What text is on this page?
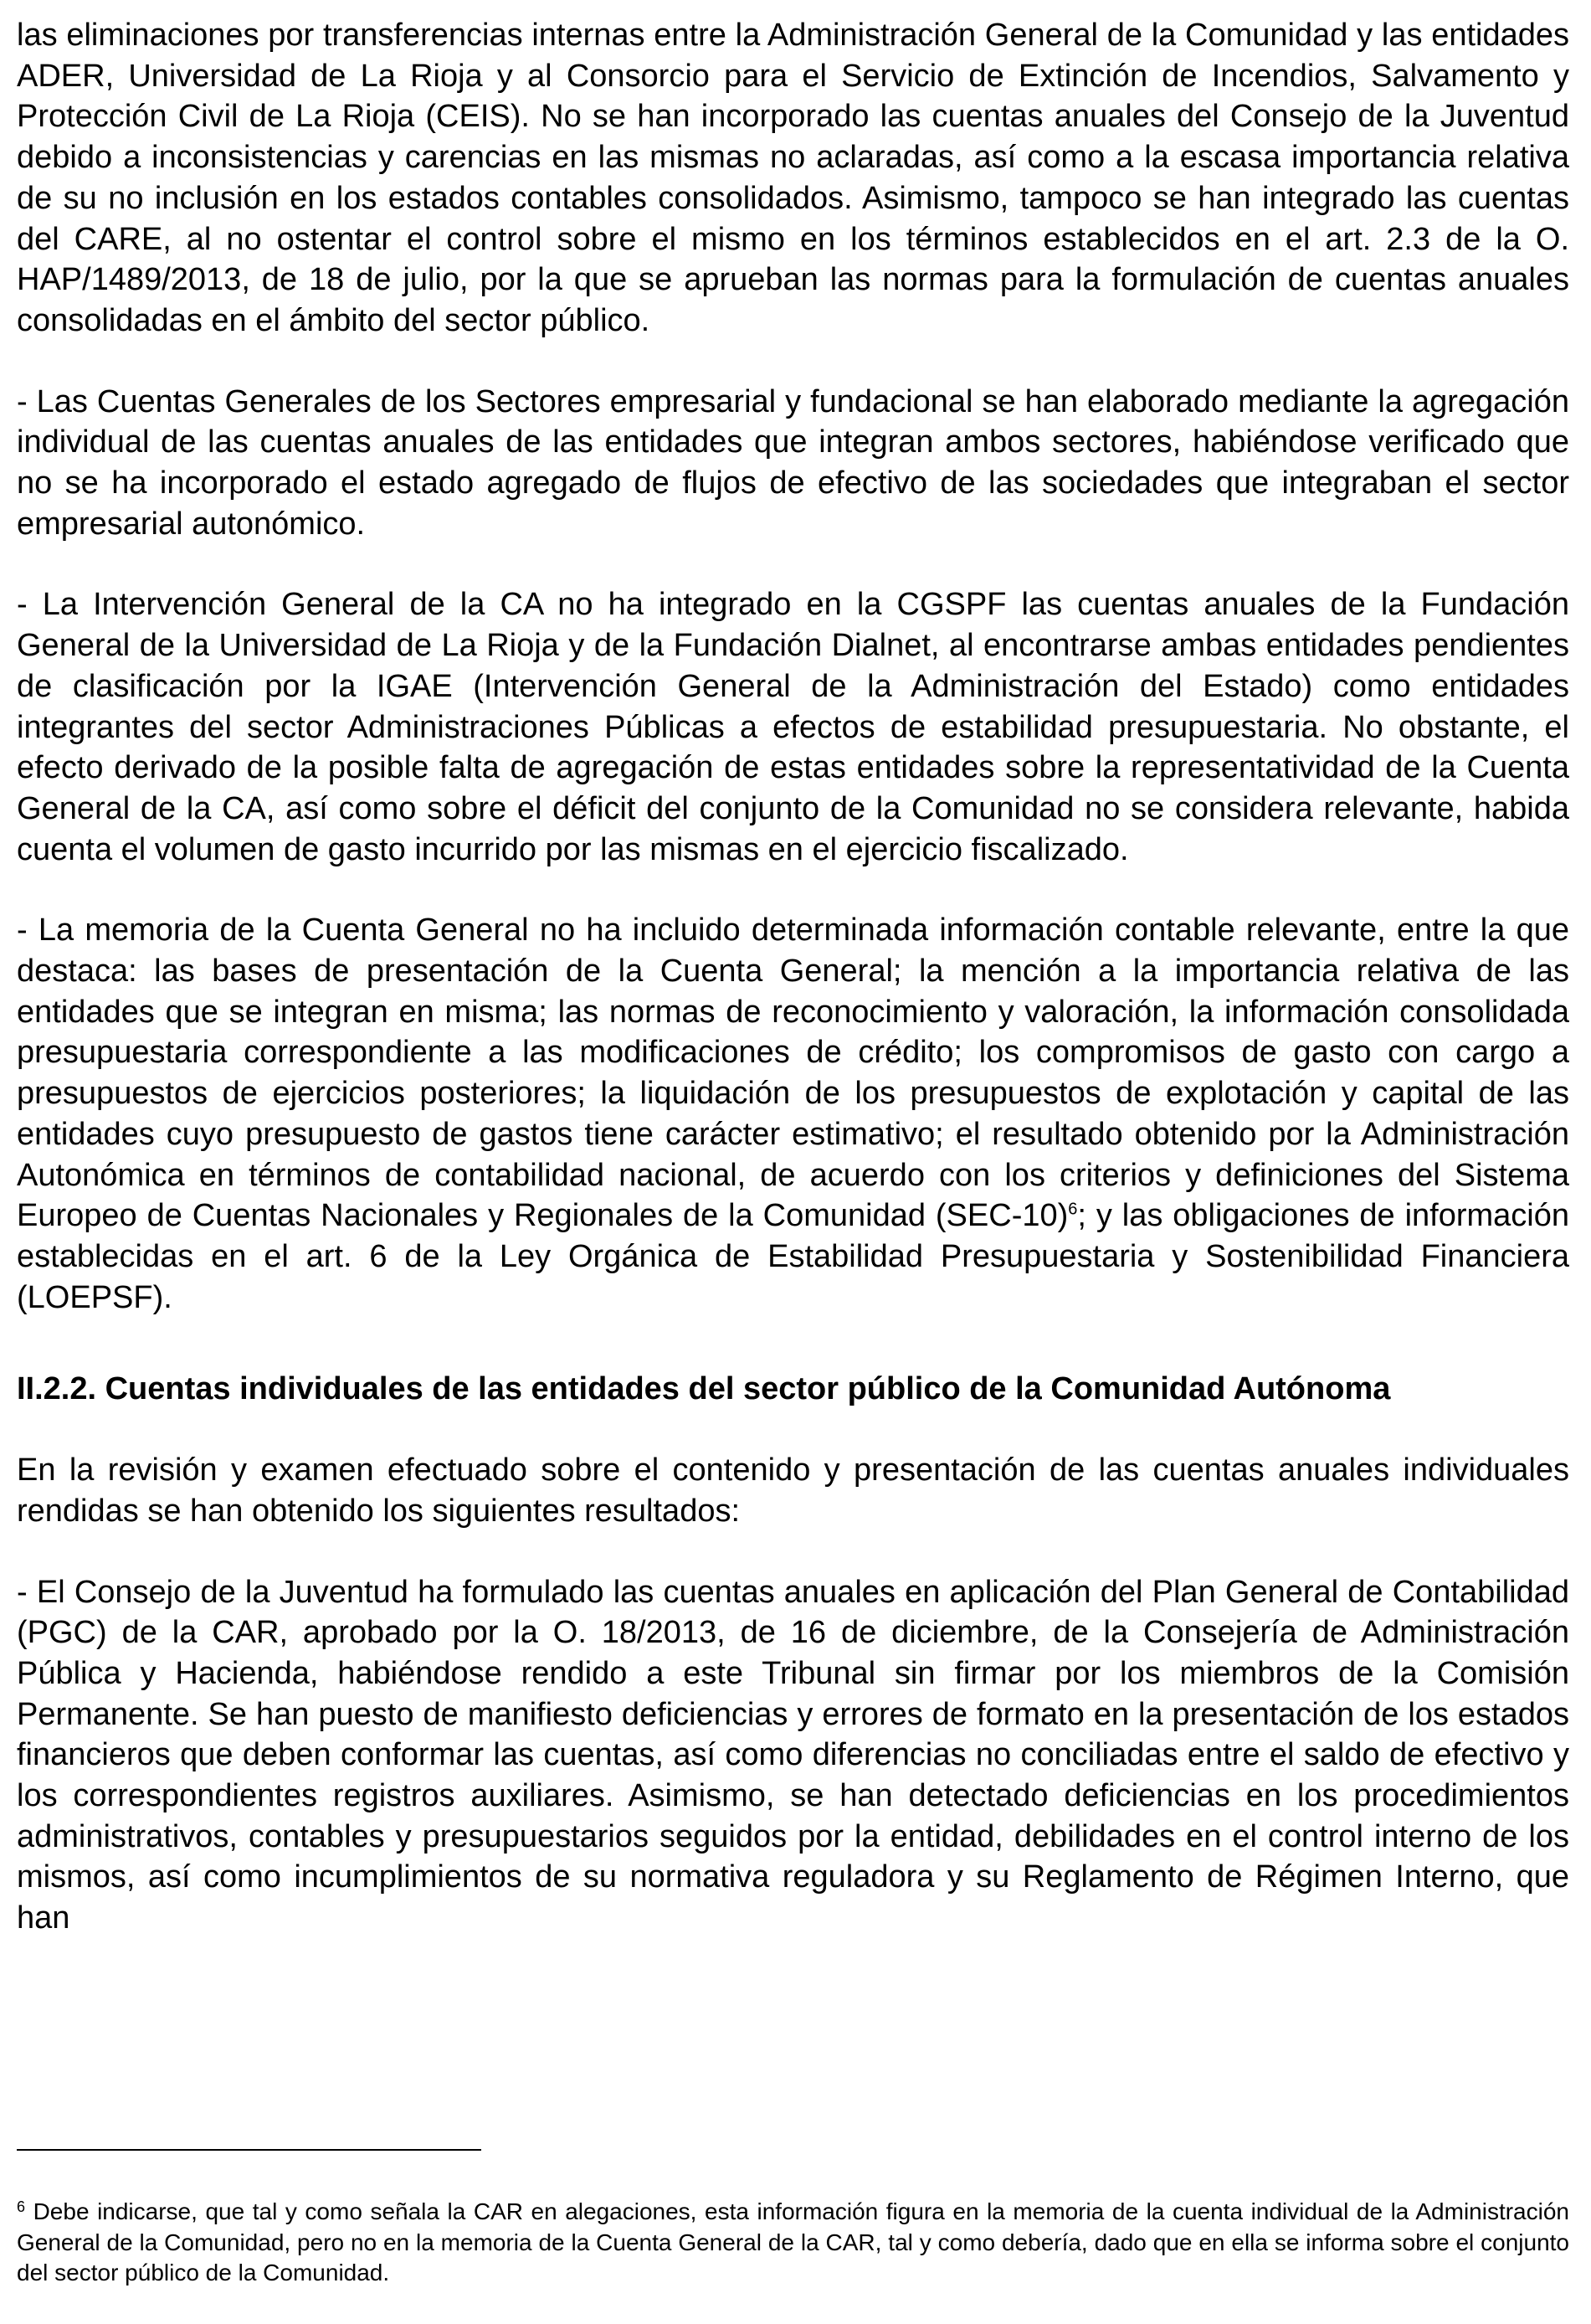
las eliminaciones por transferencias internas entre la Administración General de la Comunidad y las entidades ADER, Universidad de La Rioja y al Consorcio para el Servicio de Extinción de Incendios, Salvamento y Protección Civil de La Rioja (CEIS). No se han incorporado las cuentas anuales del Consejo de la Juventud debido a inconsistencias y carencias en las mismas no aclaradas, así como a la escasa importancia relativa de su no inclusión en los estados contables consolidados. Asimismo, tampoco se han integrado las cuentas del CARE, al no ostentar el control sobre el mismo en los términos establecidos en el art. 2.3 de la O. HAP/1489/2013, de 18 de julio, por la que se aprueban las normas para la formulación de cuentas anuales consolidadas en el ámbito del sector público.

- Las Cuentas Generales de los Sectores empresarial y fundacional se han elaborado mediante la agregación individual de las cuentas anuales de las entidades que integran ambos sectores, habiéndose verificado que no se ha incorporado el estado agregado de flujos de efectivo de las sociedades que integraban el sector empresarial autonómico.

- La Intervención General de la CA no ha integrado en la CGSPF las cuentas anuales de la Fundación General de la Universidad de La Rioja y de la Fundación Dialnet, al encontrarse ambas entidades pendientes de clasificación por la IGAE (Intervención General de la Administración del Estado) como entidades integrantes del sector Administraciones Públicas a efectos de estabilidad presupuestaria. No obstante, el efecto derivado de la posible falta de agregación de estas entidades sobre la representatividad de la Cuenta General de la CA, así como sobre el déficit del conjunto de la Comunidad no se considera relevante, habida cuenta el volumen de gasto incurrido por las mismas en el ejercicio fiscalizado.

- La memoria de la Cuenta General no ha incluido determinada información contable relevante, entre la que destaca: las bases de presentación de la Cuenta General; la mención a la importancia relativa de las entidades que se integran en misma; las normas de reconocimiento y valoración, la información consolidada presupuestaria correspondiente a las modificaciones de crédito; los compromisos de gasto con cargo a presupuestos de ejercicios posteriores; la liquidación de los presupuestos de explotación y capital de las entidades cuyo presupuesto de gastos tiene carácter estimativo; el resultado obtenido por la Administración Autonómica en términos de contabilidad nacional, de acuerdo con los criterios y definiciones del Sistema Europeo de Cuentas Nacionales y Regionales de la Comunidad $(SEC-10)^6$; y las obligaciones de información establecidas en el art. 6 de la Ley Orgánica de Estabilidad Presupuestaria y Sostenibilidad Financiera (LOEPSF).

II.2.2. Cuentas individuales de las entidades del sector público de la Comunidad Autónoma

En la revisión y examen efectuado sobre el contenido y presentación de las cuentas anuales individuales rendidas se han obtenido los siguientes resultados:

- El Consejo de la Juventud ha formulado las cuentas anuales en aplicación del Plan General de Contabilidad (PGC) de la CAR, aprobado por la O. 18/2013, de 16 de diciembre, de la Consejería de Administración Pública y Hacienda, habiéndose rendido a este Tribunal sin firmar por los miembros de la Comisión Permanente. Se han puesto de manifiesto deficiencias y errores de formato en la presentación de los estados financieros que deben conformar las cuentas, así como diferencias no conciliadas entre el saldo de efectivo y los correspondientes registros auxiliares. Asimismo, se han detectado deficiencias en los procedimientos administrativos, contables y presupuestarios seguidos por la entidad, debilidades en el control interno de los mismos, así como incumplimientos de su normativa reguladora y su Reglamento de Régimen Interno, que han

$^6$ Debe indicarse, que tal y como señala la CAR en alegaciones, esta información figura en la memoria de la cuenta individual de la Administración General de la Comunidad, pero no en la memoria de la Cuenta General de la CAR, tal y como debería, dado que en ella se informa sobre el conjunto del sector público de la Comunidad.
